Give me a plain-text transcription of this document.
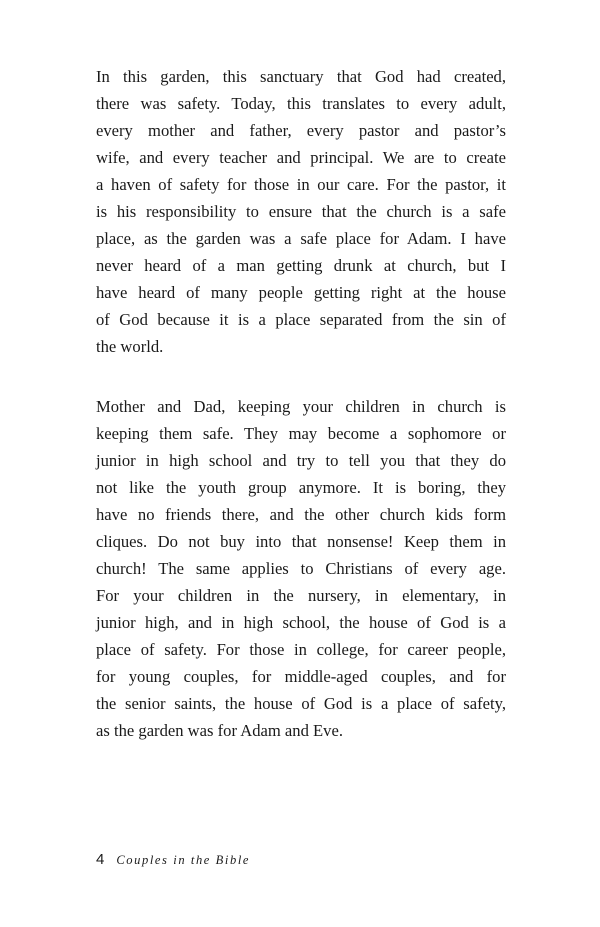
In this garden, this sanctuary that God had created,
there was safety. Today, this translates to every adult,
every mother and father, every pastor and pastor’s
wife, and every teacher and principal. We are to create
a haven of safety for those in our care. For the pastor, it
is his responsibility to ensure that the church is a safe
place, as the garden was a safe place for Adam. I have
never heard of a man getting drunk at church, but I
have heard of many people getting right at the house
of God because it is a place separated from the sin of
the world.
Mother and Dad, keeping your children in church is
keeping them safe. They may become a sophomore or
junior in high school and try to tell you that they do
not like the youth group anymore. It is boring, they
have no friends there, and the other church kids form
cliques. Do not buy into that nonsense! Keep them in
church! The same applies to Christians of every age.
For your children in the nursery, in elementary, in
junior high, and in high school, the house of God is a
place of safety. For those in college, for career people,
for young couples, for middle-aged couples, and for
the senior saints, the house of God is a place of safety,
as the garden was for Adam and Eve.
4 Couples in the Bible
